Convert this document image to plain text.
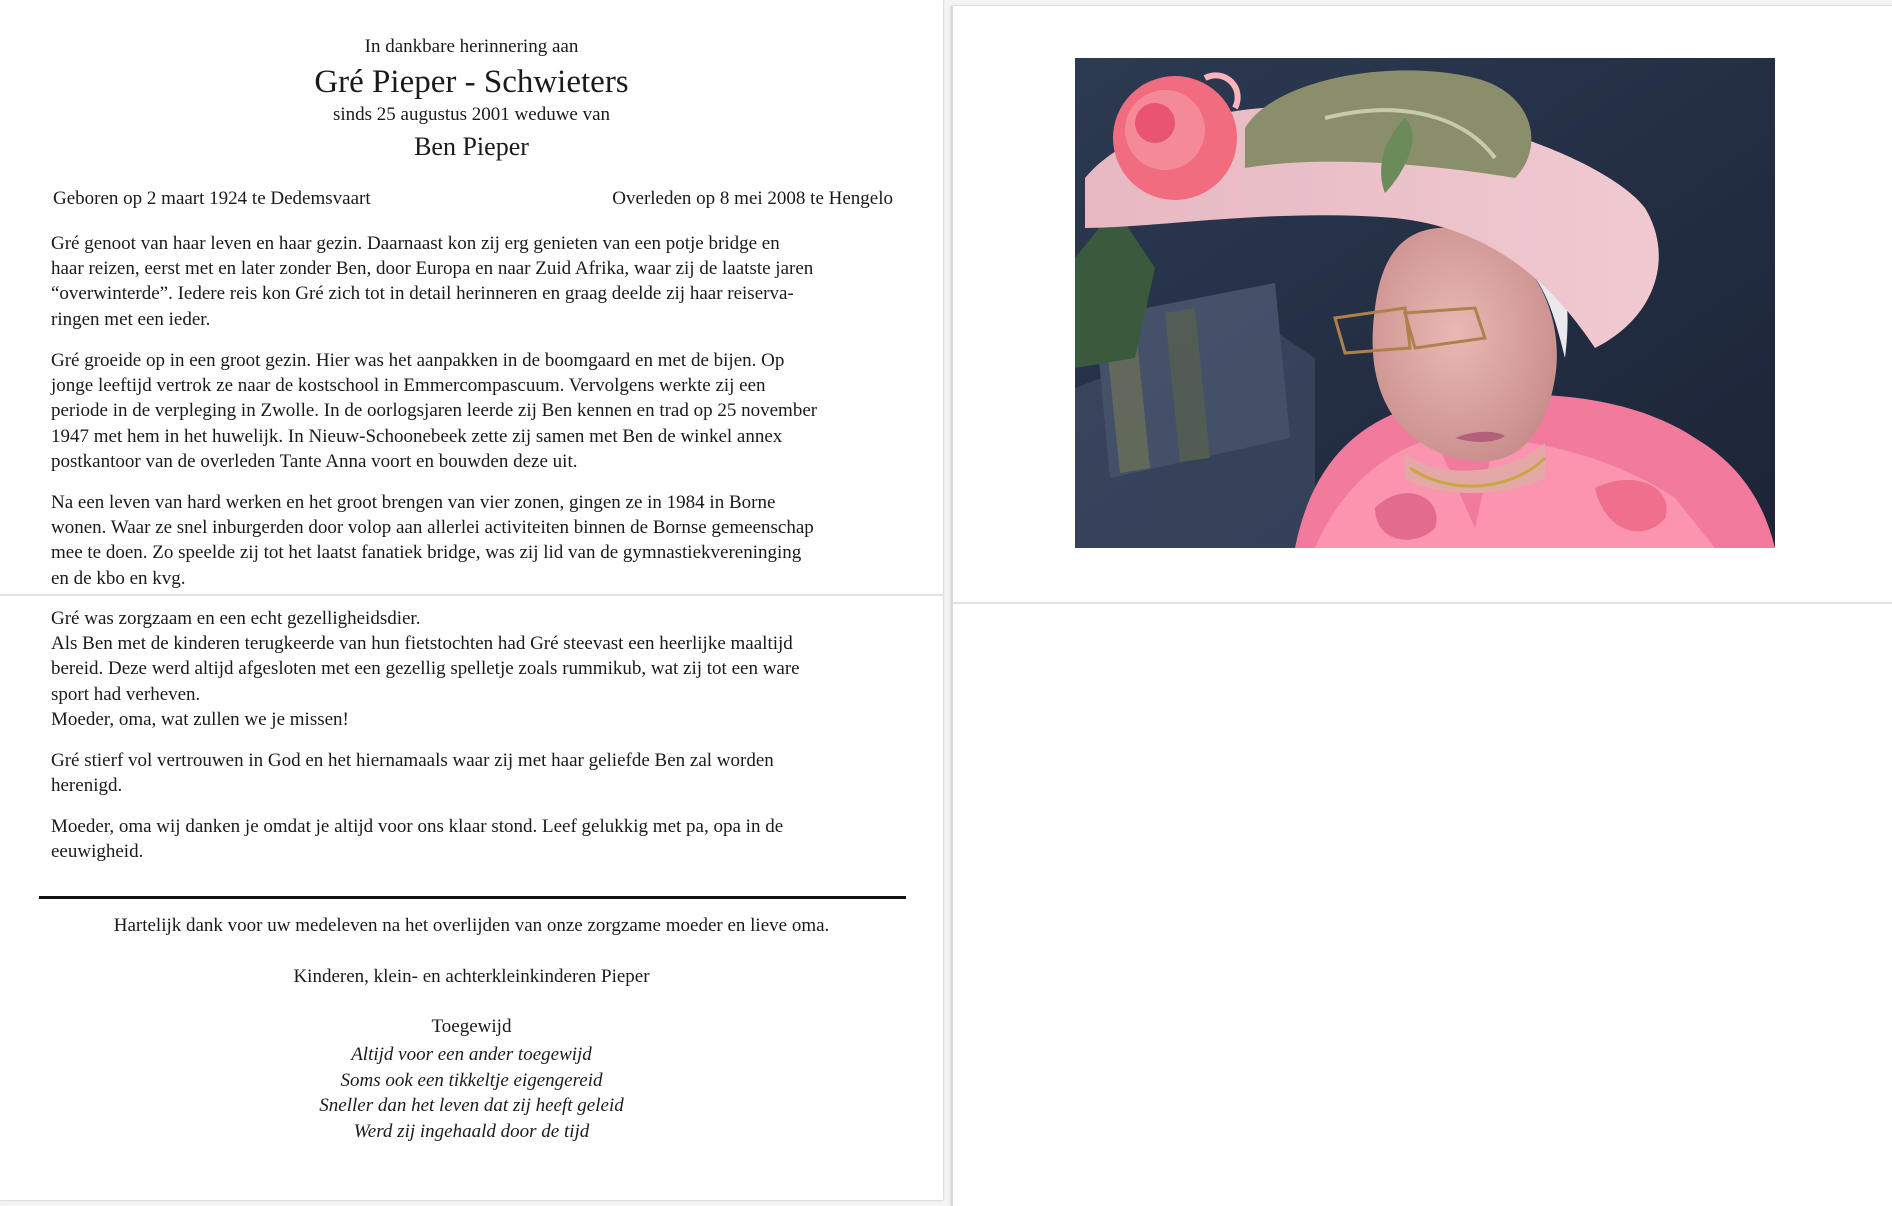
In dankbare herinnering aan
Gré Pieper - Schwieters
sinds 25 augustus 2001 weduwe van
Ben Pieper
Geboren op 2 maart 1924 te Dedemsvaart	Overleden op 8 mei 2008 te Hengelo

Gré genoot van haar leven en haar gezin. Daarnaast kon zij erg genieten van een potje bridge en
haar reizen, eerst met en later zonder Ben, door Europa en naar Zuid Afrika, waar zij de laatste jaren
“overwinterde”. Iedere reis kon Gré zich tot in detail herinneren en graag deelde zij haar reiserva-
ringen met een ieder.

Gré groeide op in een groot gezin. Hier was het aanpakken in de boomgaard en met de bijen. Op
jonge leeftijd vertrok ze naar de kostschool in Emmercompascuum. Vervolgens werkte zij een
periode in de verpleging in Zwolle. In de oorlogsjaren leerde zij Ben kennen en trad op 25 november
1947 met hem in het huwelijk. In Nieuw-Schoonebeek zette zij samen met Ben de winkel annex
postkantoor van de overleden Tante Anna voort en bouwden deze uit.

Na een leven van hard werken en het groot brengen van vier zonen, gingen ze in 1984 in Borne
wonen. Waar ze snel inburgerden door volop aan allerlei activiteiten binnen de Bornse gemeenschap
mee te doen. Zo speelde zij tot het laatst fanatiek bridge, was zij lid van de gymnastiekvereninging
en de kbo en kvg.

Gré was zorgzaam en een echt gezelligheidsdier.
Als Ben met de kinderen terugkeerde van hun fietstochten had Gré steevast een heerlijke maaltijd
bereid. Deze werd altijd afgesloten met een gezellig spelletje zoals rummikub, wat zij tot een ware
sport had verheven.
Moeder, oma, wat zullen we je missen!

Gré stierf vol vertrouwen in God en het hiernamaals waar zij met haar geliefde Ben zal worden
herenigd.

Moeder, oma wij danken je omdat je altijd voor ons klaar stond. Leef gelukkig met pa, opa in de
eeuwigheid.

Hartelijk dank voor uw medeleven na het overlijden van onze zorgzame moeder en lieve oma.
Kinderen, klein- en achterkleinkinderen Pieper
Toegewijd
Altijd voor een ander toegewijd
Soms ook een tikkeltje eigengereid
Sneller dan het leven dat zij heeft geleid
Werd zij ingehaald door de tijd
